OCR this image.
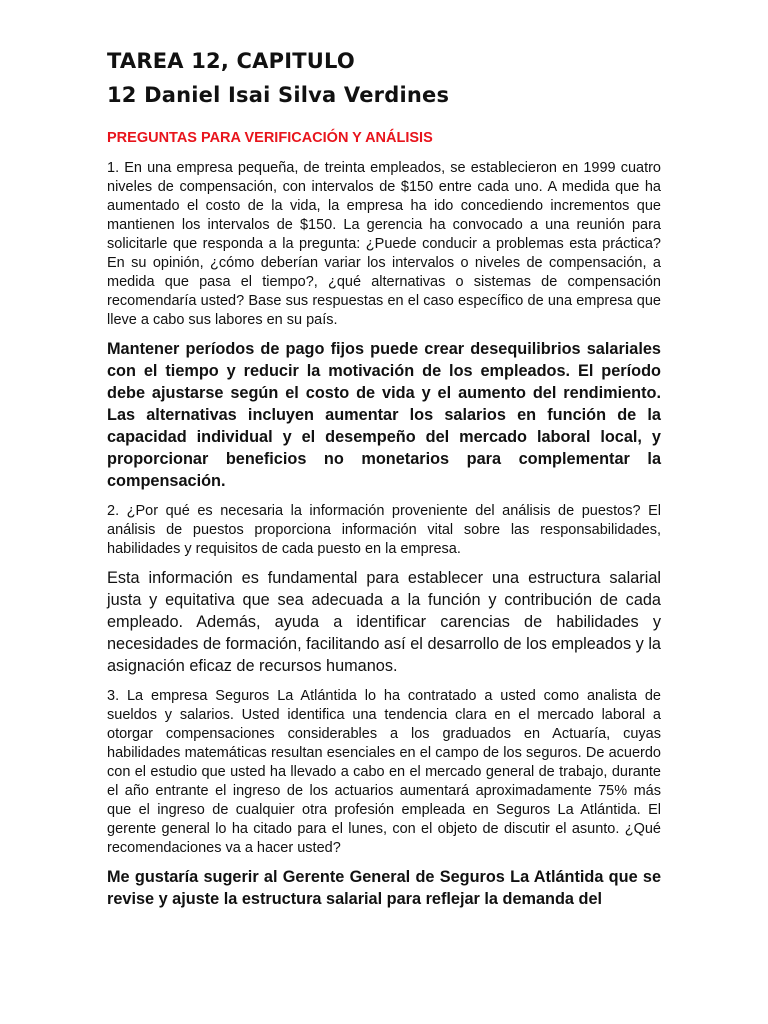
TAREA 12, CAPITULO
12 Daniel Isai Silva Verdines
PREGUNTAS PARA VERIFICACIÓN Y ANÁLISIS

1. En una empresa pequeña, de treinta empleados, se establecieron en 1999 cuatro niveles de compensación, con intervalos de $150 entre cada uno. A medida que ha aumentado el costo de la vida, la empresa ha ido concediendo incrementos que mantienen los intervalos de $150. La gerencia ha convocado a una reunión para solicitarle que responda a la pregunta: ¿Puede conducir a problemas esta práctica? En su opinión, ¿cómo deberían variar los intervalos o niveles de compensación, a medida que pasa el tiempo?, ¿qué alternativas o sistemas de compensación recomendaría usted? Base sus respuestas en el caso específico de una empresa que lleve a cabo sus labores en su país.

Mantener períodos de pago fijos puede crear desequilibrios salariales con el tiempo y reducir la motivación de los empleados. El período debe ajustarse según el costo de vida y el aumento del rendimiento. Las alternativas incluyen aumentar los salarios en función de la capacidad individual y el desempeño del mercado laboral local, y proporcionar beneficios no monetarios para complementar la compensación.

2. ¿Por qué es necesaria la información proveniente del análisis de puestos? El análisis de puestos proporciona información vital sobre las responsabilidades, habilidades y requisitos de cada puesto en la empresa.

Esta información es fundamental para establecer una estructura salarial justa y equitativa que sea adecuada a la función y contribución de cada empleado. Además, ayuda a identificar carencias de habilidades y necesidades de formación, facilitando así el desarrollo de los empleados y la asignación eficaz de recursos humanos.

3. La empresa Seguros La Atlántida lo ha contratado a usted como analista de sueldos y salarios. Usted identifica una tendencia clara en el mercado laboral a otorgar compensaciones considerables a los graduados en Actuaría, cuyas habilidades matemáticas resultan esenciales en el campo de los seguros. De acuerdo con el estudio que usted ha llevado a cabo en el mercado general de trabajo, durante el año entrante el ingreso de los actuarios aumentará aproximadamente 75% más que el ingreso de cualquier otra profesión empleada en Seguros La Atlántida. El gerente general lo ha citado para el lunes, con el objeto de discutir el asunto. ¿Qué recomendaciones va a hacer usted?

Me gustaría sugerir al Gerente General de Seguros La Atlántida que se revise y ajuste la estructura salarial para reflejar la demanda del
